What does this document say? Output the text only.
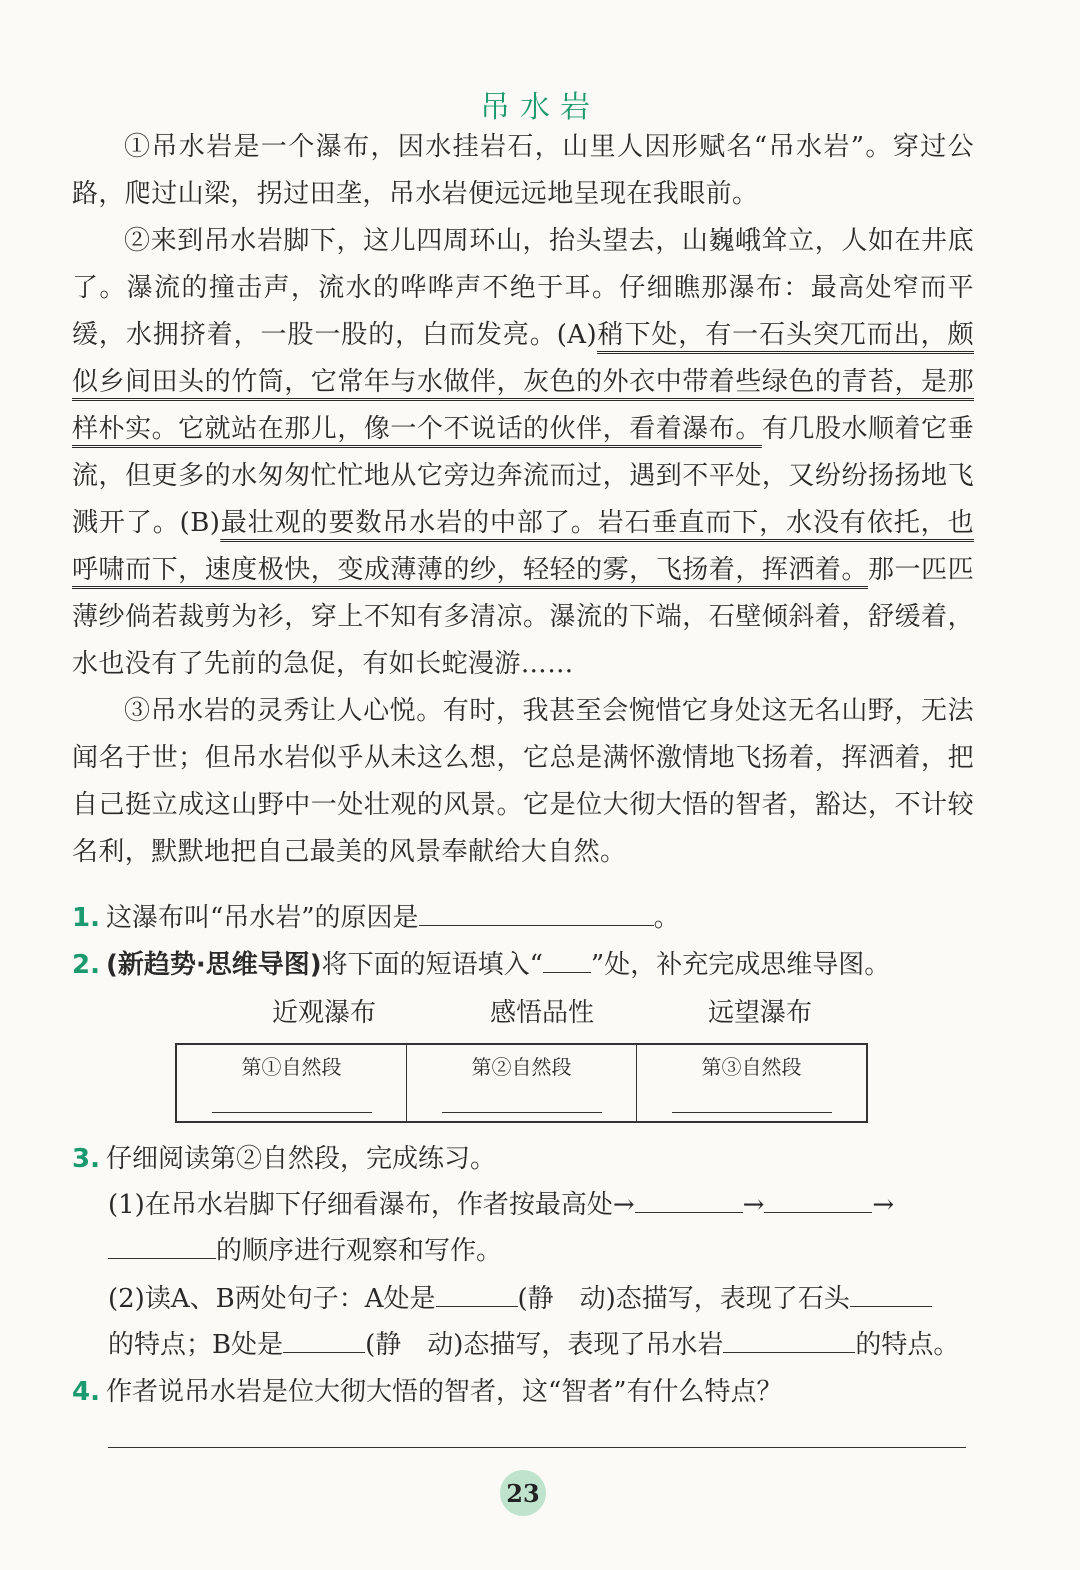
吊水岩

①吊水岩是一个瀑布，因水挂岩石，山里人因形赋名“吊水岩”。穿过公路，爬过山梁，拐过田垄，吊水岩便远远地呈现在我眼前。

②来到吊水岩脚下，这儿四周环山，抬头望去，山巍峨耸立，人如在井底了。瀑流的撞击声，流水的哗哗声不绝于耳。仔细瞧那瀑布：最高处窄而平缓，水拥挤着，一股一股的，白而发亮。(A)稍下处，有一石头突兀而出，颇似乡间田头的竹筒，它常年与水做伴，灰色的外衣中带着些绿色的青苔，是那样朴实。它就站在那儿，像一个不说话的伙伴，看着瀑布。有几股水顺着它垂流，但更多的水匆匆忙忙地从它旁边奔流而过，遇到不平处，又纷纷扬扬地飞溅开了。(B)最壮观的要数吊水岩的中部了。岩石垂直而下，水没有依托，也呼啸而下，速度极快，变成薄薄的纱，轻轻的雾，飞扬着，挥洒着。那一匹匹薄纱倘若裁剪为衫，穿上不知有多清凉。瀑流的下端，石壁倾斜着，舒缓着，水也没有了先前的急促，有如长蛇漫游……

③吊水岩的灵秀让人心悦。有时，我甚至会惋惜它身处这无名山野，无法闻名于世；但吊水岩似乎从未这么想，它总是满怀激情地飞扬着，挥洒着，把自己挺立成这山野中一处壮观的风景。它是位大彻大悟的智者，豁达，不计较名利，默默地把自己最美的风景奉献给大自然。

1. 这瀑布叫“吊水岩”的原因是	。
2. (新趋势·思维导图)将下面的短语填入“ ”处，补充完成思维导图。
近观瀑布	感悟品性	远望瀑布
第①自然段	第②自然段	第③自然段
3. 仔细阅读第②自然段，完成练习。
(1)在吊水岩脚下仔细看瀑布，作者按最高处→	→	→
的顺序进行观察和写作。
(2)读A、B两处句子：A处是	(静　动)态描写，表现了石头
的特点；B处是	(静　动)态描写，表现了吊水岩	的特点。
4. 作者说吊水岩是位大彻大悟的智者，这“智者”有什么特点？
23
